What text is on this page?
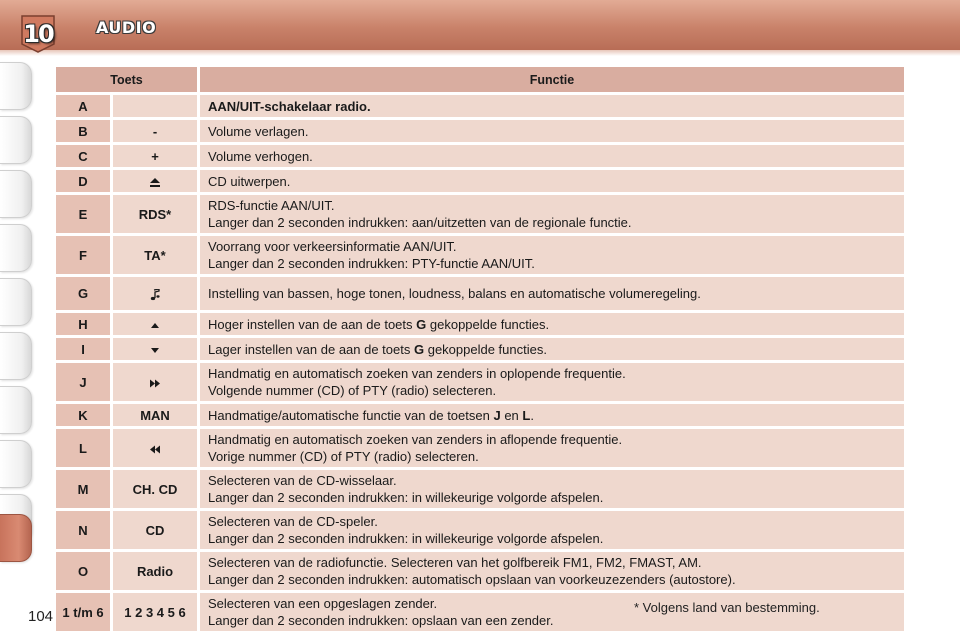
10	AUDIO
Toets		Functie
A		AAN/UIT-schakelaar radio.

B	-	Volume verlagen.

C	+	Volume verhogen.

D		CD uitwerpen.

E	RDS*	RDS-functie AAN/UIT.
Langer dan 2 seconden indrukken: aan/uitzetten van de regionale functie.

F	TA*	Voorrang voor verkeersinformatie AAN/UIT.
Langer dan 2 seconden indrukken: PTY-functie AAN/UIT.

G		Instelling van bassen, hoge tonen, loudness, balans en automatische volumeregeling.

H		Hoger instellen van de aan de toets G gekoppelde functies.

I		Lager instellen van de aan de toets G gekoppelde functies.

J		Handmatig en automatisch zoeken van zenders in oplopende frequentie.
Volgende nummer (CD) of PTY (radio) selecteren.

K	MAN	Handmatige/automatische functie van de toetsen J en L.

L		Handmatig en automatisch zoeken van zenders in aflopende frequentie.
Vorige nummer (CD) of PTY (radio) selecteren.

M	CH. CD	Selecteren van de CD-wisselaar.
Langer dan 2 seconden indrukken: in willekeurige volgorde afspelen.

N	CD	Selecteren van de CD-speler.
Langer dan 2 seconden indrukken: in willekeurige volgorde afspelen.

O	Radio	Selecteren van de radiofunctie. Selecteren van het golfbereik FM1, FM2, FMAST, AM.
Langer dan 2 seconden indrukken: automatisch opslaan van voorkeuzezenders (autostore).

1 t/m 6	1 2 3 4 5 6	Selecteren van een opgeslagen zender.
Langer dan 2 seconden indrukken: opslaan van een zender.
104
* Volgens land van bestemming.
